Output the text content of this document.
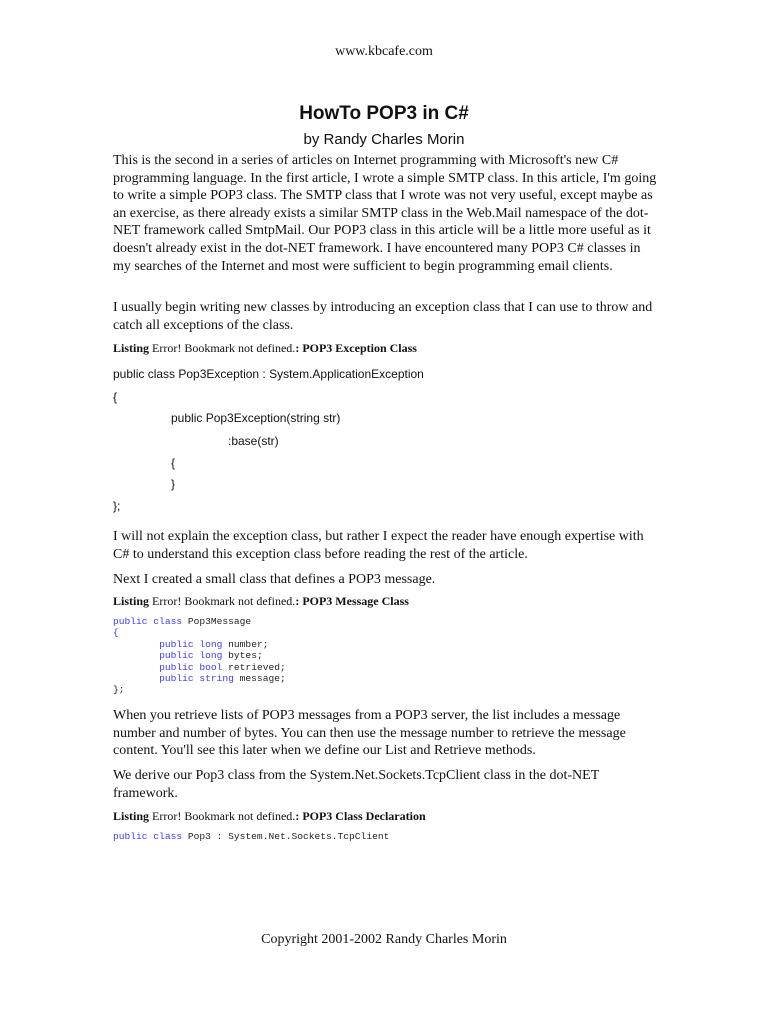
www.kbcafe.com
HowTo POP3 in C#
by Randy Charles Morin
This is the second in a series of articles on Internet programming with Microsoft's new C# programming language. In the first article, I wrote a simple SMTP class. In this article, I'm going to write a simple POP3 class. The SMTP class that I wrote was not very useful, except maybe as an exercise, as there already exists a similar SMTP class in the Web.Mail namespace of the dot-NET framework called SmtpMail. Our POP3 class in this article will be a little more useful as it doesn't already exist in the dot-NET framework. I have encountered many POP3 C# classes in my searches of the Internet and most were sufficient to begin programming email clients.
I usually begin writing new classes by introducing an exception class that I can use to throw and catch all exceptions of the class.
Listing Error! Bookmark not defined.: POP3 Exception Class
public class Pop3Exception : System.ApplicationException
{
public Pop3Exception(string str)
:base(str)
{
}
};
I will not explain the exception class, but rather I expect the reader have enough expertise with C# to understand this exception class before reading the rest of the article.
Next I created a small class that defines a POP3 message.
Listing Error! Bookmark not defined.: POP3 Message Class
public class Pop3Message
{
public long number;
public long bytes;
public bool retrieved;
public string message;
};
When you retrieve lists of POP3 messages from a POP3 server, the list includes a message number and number of bytes. You can then use the message number to retrieve the message content. You'll see this later when we define our List and Retrieve methods.
We derive our Pop3 class from the System.Net.Sockets.TcpClient class in the dot-NET framework.
Listing Error! Bookmark not defined.: POP3 Class Declaration
public class Pop3 : System.Net.Sockets.TcpClient
Copyright 2001-2002 Randy Charles Morin
